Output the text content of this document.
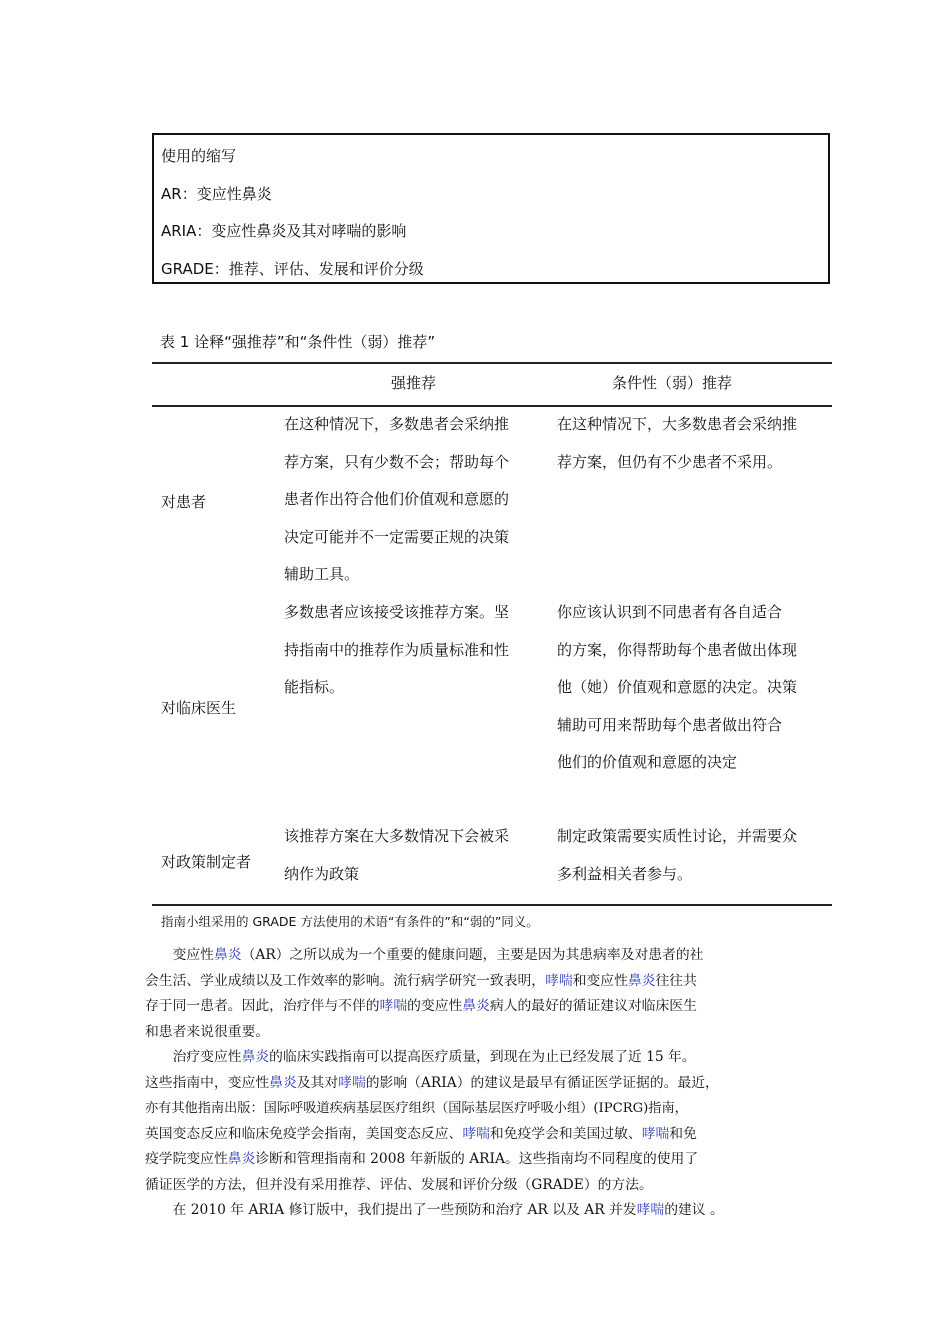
使用的缩写
AR：变应性鼻炎
ARIA：变应性鼻炎及其对哮喘的影响
GRADE：推荐、评估、发展和评价分级
表 1 诠释“强推荐”和“条件性（弱）推荐”
强推荐	条件性（弱）推荐
对患者
在这种情况下，多数患者会采纳推
荐方案，只有少数不会；帮助每个
患者作出符合他们价值观和意愿的
决定可能并不一定需要正规的决策
辅助工具。
在这种情况下，大多数患者会采纳推
荐方案，但仍有不少患者不采用。
对临床医生
多数患者应该接受该推荐方案。坚
持指南中的推荐作为质量标准和性
能指标。
你应该认识到不同患者有各自适合
的方案，你得帮助每个患者做出体现
他（她）价值观和意愿的决定。决策
辅助可用来帮助每个患者做出符合
他们的价值观和意愿的决定
对政策制定者
该推荐方案在大多数情况下会被采
纳作为政策
制定政策需要实质性讨论，并需要众
多利益相关者参与。
指南小组采用的 GRADE 方法使用的术语“有条件的”和“弱的”同义。
　　变应性鼻炎（AR）之所以成为一个重要的健康问题，主要是因为其患病率及对患者的社
会生活、学业成绩以及工作效率的影响。流行病学研究一致表明，哮喘和变应性鼻炎往往共
存于同一患者。因此，治疗伴与不伴的哮喘的变应性鼻炎病人的最好的循证建议对临床医生
和患者来说很重要。
　　治疗变应性鼻炎的临床实践指南可以提高医疗质量，到现在为止已经发展了近 15 年。
这些指南中，变应性鼻炎及其对哮喘的影响（ARIA）的建议是最早有循证医学证据的。最近，
亦有其他指南出版：国际呼吸道疾病基层医疗组织（国际基层医疗呼吸小组）(IPCRG)指南，
英国变态反应和临床免疫学会指南，美国变态反应、哮喘和免疫学会和美国过敏、哮喘和免
疫学院变应性鼻炎诊断和管理指南和 2008 年新版的 ARIA。这些指南均不同程度的使用了
循证医学的方法，但并没有采用推荐、评估、发展和评价分级（GRADE）的方法。
　　在 2010 年 ARIA 修订版中，我们提出了一些预防和治疗 AR 以及 AR 并发哮喘的建议 。
